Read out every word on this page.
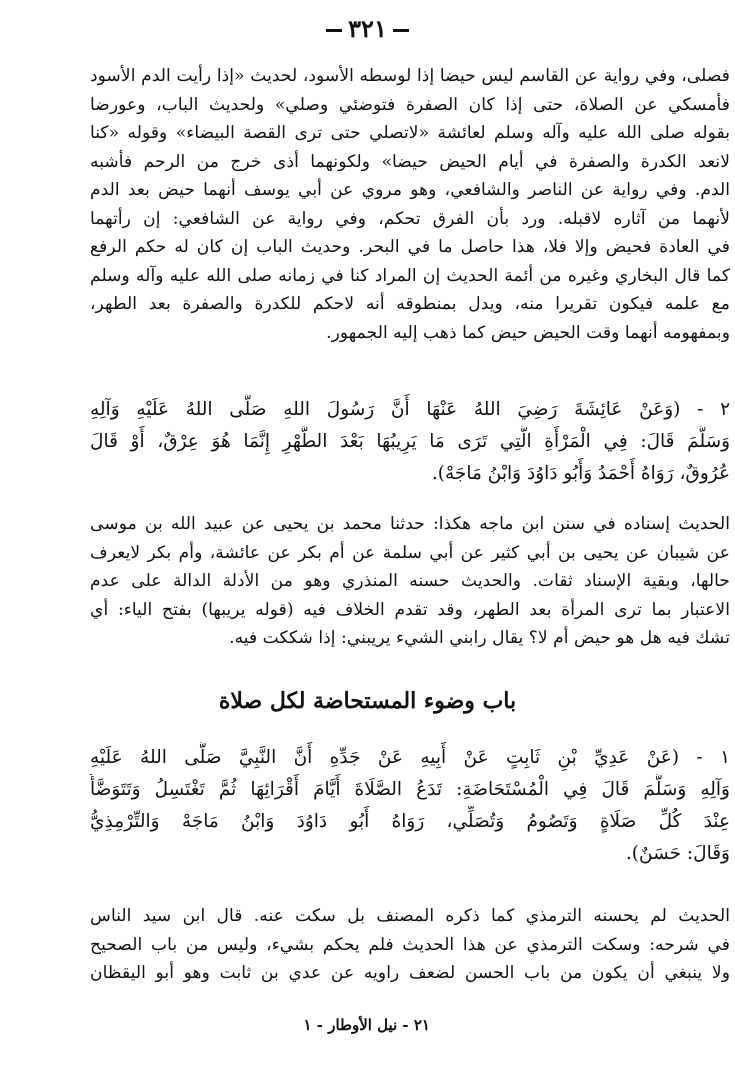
٣٢١
فصلى، وفي رواية عن القاسم ليس حيضا إذا لوسطه الأسود، لحديث «إذا رأيت الدم الأسود
فأمسكي عن الصلاة، حتى إذا كان الصفرة فتوضئي وصلي» ولحديث الباب، وعورضا
بقوله صلى الله عليه وآله وسلم لعائشة «لاتصلي حتى ترى القصة البيضاء» وقوله «كنا
لانعد الكدرة والصفرة في أيام الحيض حيضا» ولكونهما أذى خرج من الرحم فأشبه
الدم. وفي رواية عن الناصر والشافعي، وهو مروي عن أبي يوسف أنهما حيض بعد الدم
لأنهما من آثاره لاقبله. ورد بأن الفرق تحكم، وفي رواية عن الشافعي: إن رأتهما
في العادة فحيض وإلا فلا، هذا حاصل ما في البحر. وحديث الباب إن كان له حكم الرفع
كما قال البخاري وغيره من أئمة الحديث إن المراد كنا في زمانه صلى الله عليه وآله وسلم
مع علمه فيكون تقريرا منه، ويدل بمنطوقه أنه لاحكم للكدرة والصفرة بعد الطهر،
وبمفهومه أنهما وقت الحيض حيض كما ذهب إليه الجمهور.
٢ - (وَعَنْ عَائِشَةَ رَضِيَ اللهُ عَنْهَا أَنَّ رَسُولَ اللهِ صَلَّى اللهُ عَلَيْهِ وَآلِهِ
وَسَلَّمَ قَالَ: فِي الْمَرْأَةِ الَّتِي تَرَى مَا يَرِيبُهَا بَعْدَ الطُّهْرِ إِنَّمَا هُوَ عِرْقٌ، أَوْ قَالَ
عُرُوقٌ، رَوَاهُ أَحْمَدُ وَأَبُو دَاوُدَ وَابْنُ مَاجَهْ).
الحديث إسناده في سنن ابن ماجه هكذا: حدثنا محمد بن يحيى عن عبيد الله بن موسى
عن شيبان عن يحيى بن أبي كثير عن أبي سلمة عن أم بكر عن عائشة، وأم بكر لايعرف
حالها، وبقية الإسناد ثقات. والحديث حسنه المنذري وهو من الأدلة الدالة على عدم
الاعتبار بما ترى المرأة بعد الطهر، وقد تقدم الخلاف فيه (قوله يريبها) بفتح الياء: أي
تشك فيه هل هو حيض أم لا؟ يقال رابني الشيء يريبني: إذا شككت فيه.
باب وضوء المستحاضة لكل صلاة
١ - (عَنْ عَدِيِّ بْنِ ثَابِتٍ عَنْ أَبِيهِ عَنْ جَدِّهِ أَنَّ النَّبِيَّ صَلَّى اللهُ عَلَيْهِ
وَآلِهِ وَسَلَّمَ قَالَ فِي الْمُسْتَحَاضَةِ: تَدَعُ الصَّلَاةَ أَيَّامَ أَقْرَائِهَا ثُمَّ تَغْتَسِلُ وَتَتَوَضَّأُ
عِنْدَ كُلِّ صَلَاةٍ وَتَصُومُ وَتُصَلِّي، رَوَاهُ أَبُو دَاوُدَ وَابْنُ مَاجَهْ وَالتِّرْمِذِيُّ
وَقَالَ: حَسَنٌ).
الحديث لم يحسنه الترمذي كما ذكره المصنف بل سكت عنه. قال ابن سيد الناس
في شرحه: وسكت الترمذي عن هذا الحديث فلم يحكم بشيء، وليس من باب الصحيح
ولا ينبغي أن يكون من باب الحسن لضعف راويه عن عدي بن ثابت وهو أبو اليقظان
٢١ - نيل الأوطار - ١
